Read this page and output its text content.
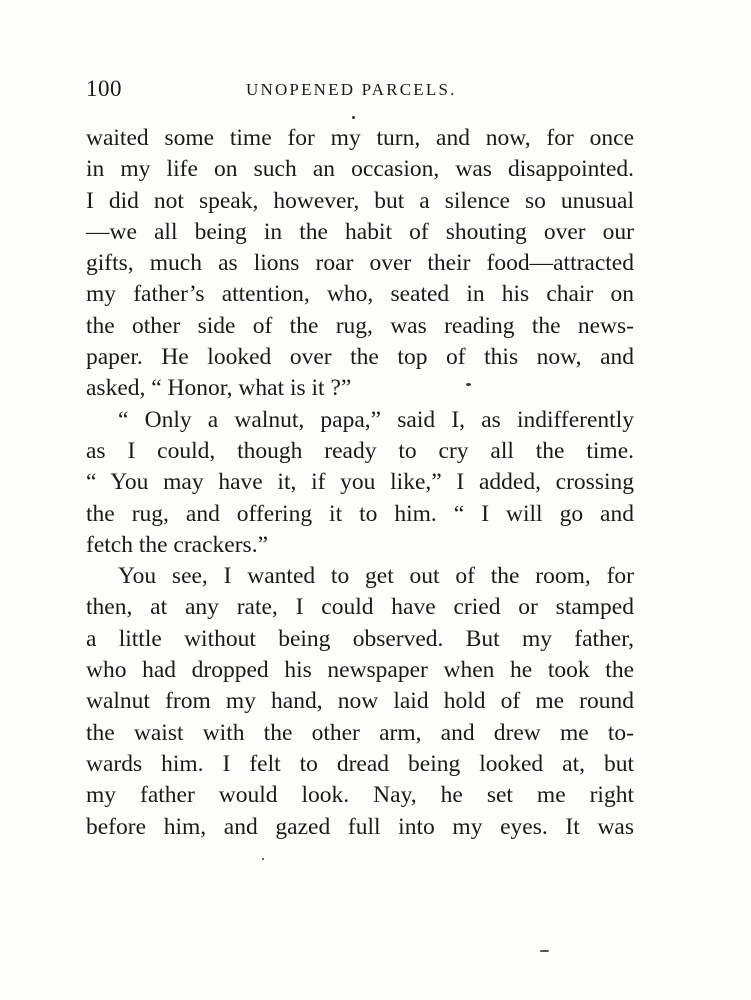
100	UNOPENED PARCELS.
waited some time for my turn, and now, for once
in my life on such an occasion, was disappointed.
I did not speak, however, but a silence so unusual
—we all being in the habit of shouting over our
gifts, much as lions roar over their food—attracted
my father’s attention, who, seated in his chair on
the other side of the rug, was reading the news-
paper. He looked over the top of this now, and
asked, “ Honor, what is it ?”
“ Only a walnut, papa,” said I, as indifferently
as I could, though ready to cry all the time.
“ You may have it, if you like,” I added, crossing
the rug, and offering it to him. “ I will go and
fetch the crackers.”
You see, I wanted to get out of the room, for
then, at any rate, I could have cried or stamped
a little without being observed. But my father,
who had dropped his newspaper when he took the
walnut from my hand, now laid hold of me round
the waist with the other arm, and drew me to-
wards him. I felt to dread being looked at, but
my father would look. Nay, he set me right
before him, and gazed full into my eyes. It was
